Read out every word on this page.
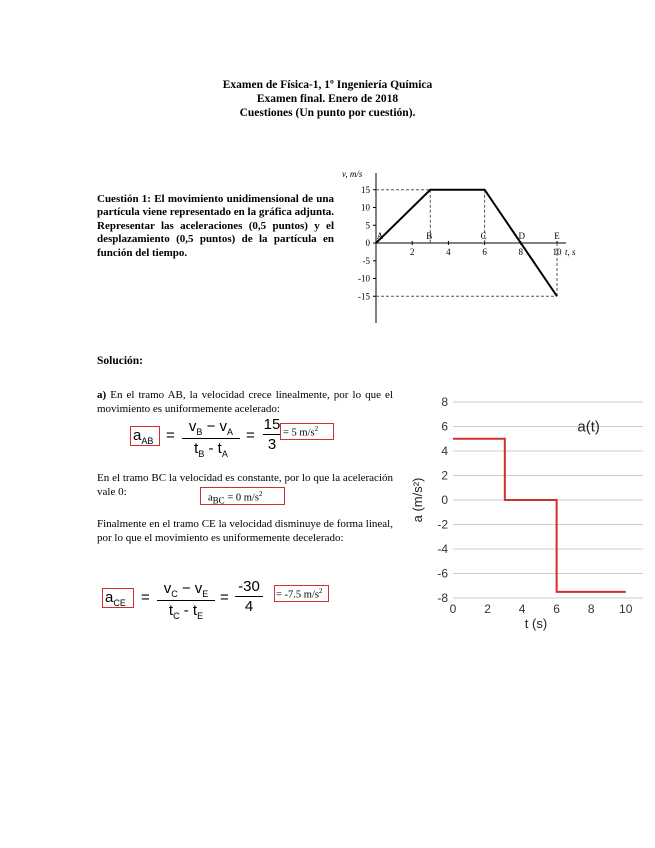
Examen de Física-1, 1º Ingeniería Química
Examen final. Enero de 2018
Cuestiones (Un punto por cuestión).
Cuestión 1: El movimiento unidimensional de una partícula viene representado en la gráfica adjunta. Representar las aceleraciones (0,5 puntos) y el desplazamiento (0,5 puntos) de la partícula en función del tiempo.
15
10
5
0
-5
-10
-15
2	4	6	8	10
A	B	C	D	E
v, m/s
t, s
Solución:
a) En el tramo AB, la velocidad crece linealmente, por lo que el movimiento es uniformemente acelerado:
$a_{AB}$ =
$v_B - v_A$
$t_B - t_A$
=
15
3
= 5 $m/s^2$
En el tramo BC la velocidad es constante, por lo que la aceleración vale 0:	$a_{BC} = 0$ $m/s^2$
Finalmente en el tramo CE la velocidad disminuye de forma lineal, por lo que el movimiento es uniformemente decelerado:
$a_{CE}$ =
$v_C - v_E$
$t_C - t_E$
=
-30
4
= -7.5 $m/s^2$
8
6
4
2
0
-2
-4
-6
-8
0 2 4 6 8 10
a(t)
t (s)
a (m/s²)
